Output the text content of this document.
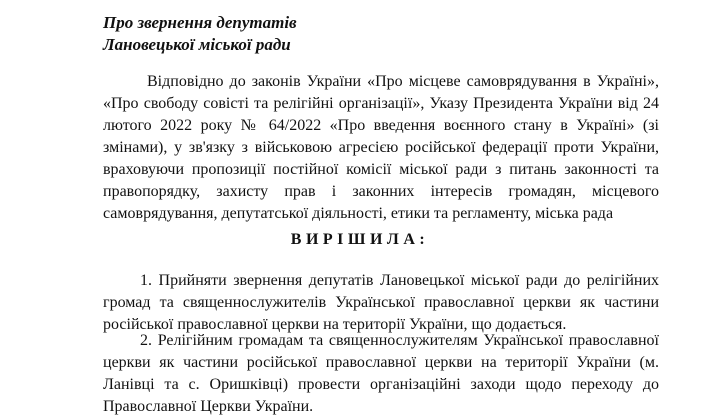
Про звернення депутатів
Лановецької міської ради
Відповідно до законів України «Про місцеве самоврядування в Україні»,
«Про свободу совісті та релігійні організації», Указу Президента України від 24
лютого 2022 року № 64/2022 «Про введення воєнного стану в Україні» (зі
змінами), у зв'язку з військовою агресією російської федерації проти України,
враховуючи пропозиції постійної комісії міської ради з питань законності та
правопорядку, захисту прав і законних інтересів громадян, місцевого
самоврядування, депутатської діяльності, етики та регламенту, міська рада
ВИРІШИЛА:
1. Прийняти звернення депутатів Лановецької міської ради до релігійних
громад та священнослужителів Української православної церкви як частини
російської православної церкви на території України, що додається.
2. Релігійним громадам та священнослужителям Української православної
церкви як частини російської православної церкви на території України (м.
Ланівці та с. Оришківці) провести організаційні заходи щодо переходу до
Православної Церкви України.
